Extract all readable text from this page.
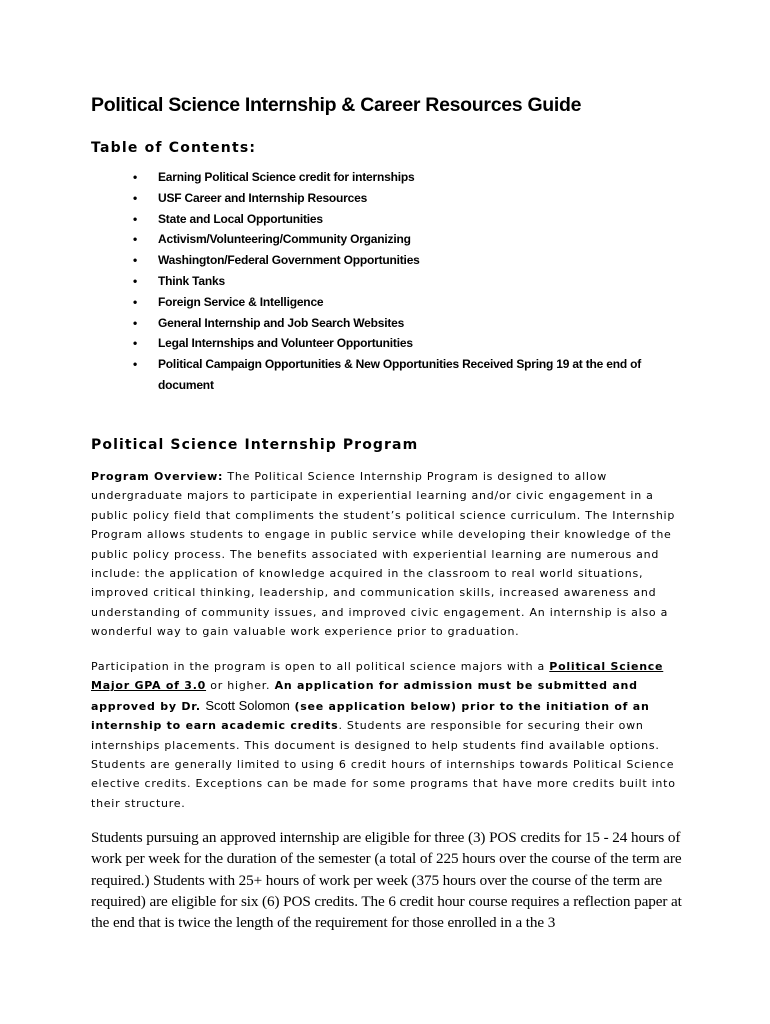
Political Science Internship & Career Resources Guide
Table of Contents:
• Earning Political Science credit for internships
• USF Career and Internship Resources
• State and Local Opportunities
• Activism/Volunteering/Community Organizing
• Washington/Federal Government Opportunities
• Think Tanks
• Foreign Service & Intelligence
• General Internship and Job Search Websites
• Legal Internships and Volunteer Opportunities
• Political Campaign Opportunities & New Opportunities Received Spring 19 at the end of document
Political Science Internship Program

Program Overview: The Political Science Internship Program is designed to allow undergraduate majors to participate in experiential learning and/or civic engagement in a public policy field that compliments the student’s political science curriculum. The Internship Program allows students to engage in public service while developing their knowledge of the public policy process. The benefits associated with experiential learning are numerous and include: the application of knowledge acquired in the classroom to real world situations, improved critical thinking, leadership, and communication skills, increased awareness and understanding of community issues, and improved civic engagement. An internship is also a wonderful way to gain valuable work experience prior to graduation.

Participation in the program is open to all political science majors with a Political Science Major GPA of 3.0 or higher. An application for admission must be submitted and approved by Dr. Scott Solomon (see application below) prior to the initiation of an internship to earn academic credits. Students are responsible for securing their own internships placements. This document is designed to help students find available options. Students are generally limited to using 6 credit hours of internships towards Political Science elective credits. Exceptions can be made for some programs that have more credits built into their structure.

Students pursuing an approved internship are eligible for three (3) POS credits for 15 - 24 hours of work per week for the duration of the semester (a total of 225 hours over the course of the term are required.) Students with 25+ hours of work per week (375 hours over the course of the term are required) are eligible for six (6) POS credits. The 6 credit hour course requires a reflection paper at the end that is twice the length of the requirement for those enrolled in a the 3
